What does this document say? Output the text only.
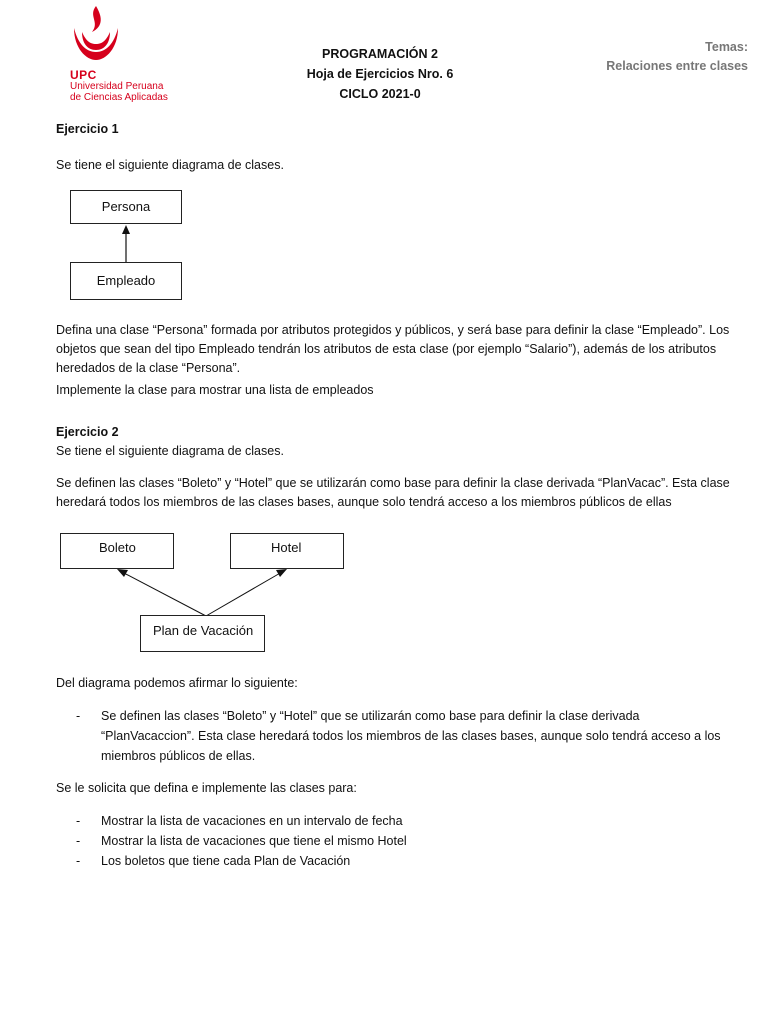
UPC
Universidad Peruana
de Ciencias Aplicadas
PROGRAMACIÓN 2
Hoja de Ejercicios Nro. 6
CICLO 2021-0
Temas:
Relaciones entre clases
Ejercicio 1
Se tiene el siguiente diagrama de clases.
Persona
Empleado
Defina una clase “Persona” formada por atributos protegidos y públicos, y será base para definir la clase “Empleado”. Los objetos que sean del tipo Empleado tendrán los atributos de esta clase (por ejemplo “Salario”), además de los atributos heredados de la clase “Persona”.
Implemente la clase para mostrar una lista de empleados
Ejercicio 2
Se tiene el siguiente diagrama de clases.
Se definen las clases “Boleto” y “Hotel” que se utilizarán como base para definir la clase derivada “PlanVacac”. Esta clase heredará todos los miembros de las clases bases, aunque solo tendrá acceso a los miembros públicos de ellas
Boleto	Hotel
Plan de Vacación
Del diagrama podemos afirmar lo siguiente:
- Se definen las clases “Boleto” y “Hotel” que se utilizarán como base para definir la clase derivada “PlanVacaccion”. Esta clase heredará todos los miembros de las clases bases, aunque solo tendrá acceso a los miembros públicos de ellas.
Se le solicita que defina e implemente las clases para:
- Mostrar la lista de vacaciones en un intervalo de fecha
- Mostrar la lista de vacaciones que tiene el mismo Hotel
- Los boletos que tiene cada Plan de Vacación
